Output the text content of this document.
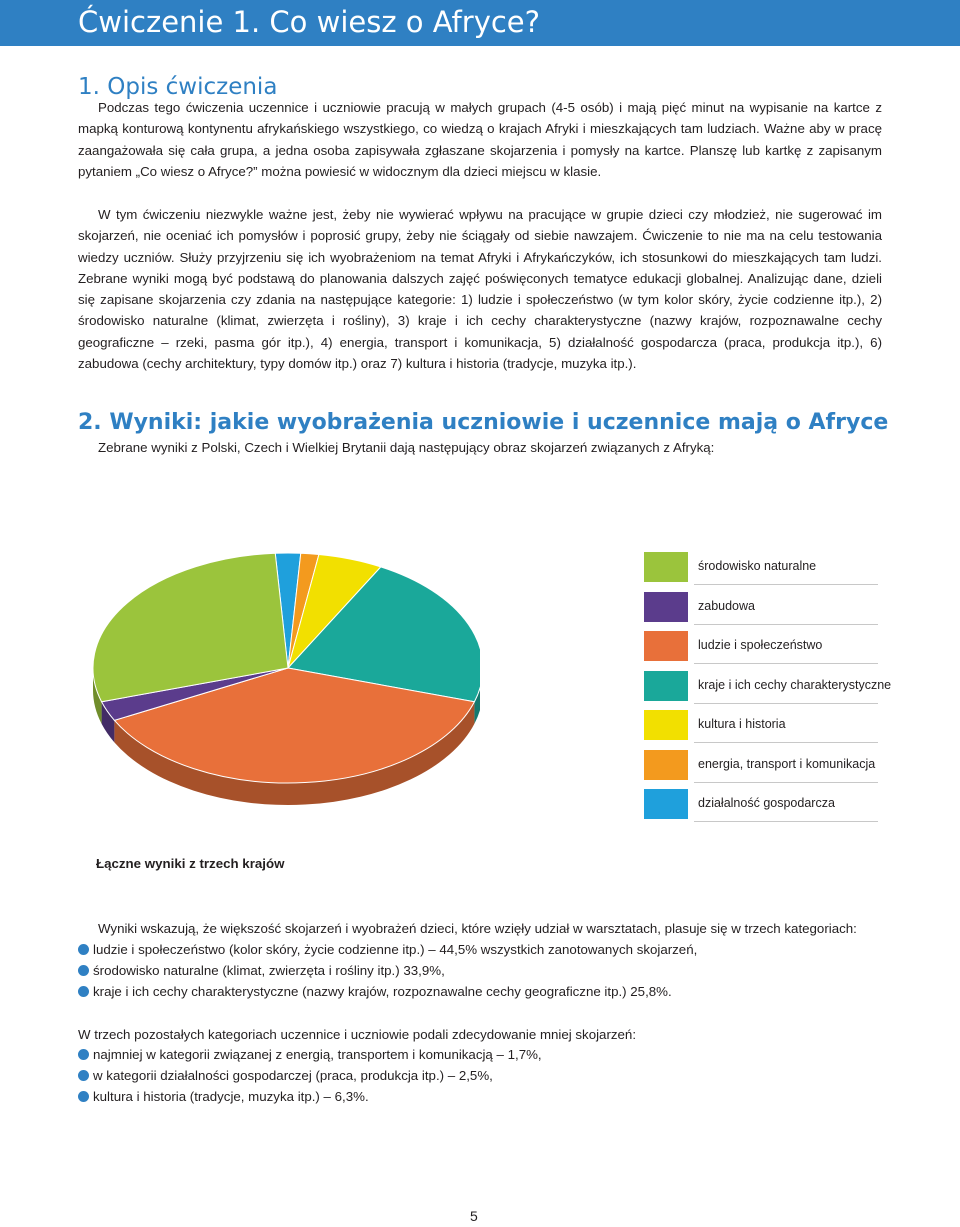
Ćwiczenie 1. Co wiesz o Afryce?
1. Opis ćwiczenia

Podczas tego ćwiczenia uczennice i uczniowie pracują w małych grupach (4-5 osób) i mają pięć minut na wypisanie na kartce z mapką konturową kontynentu afrykańskiego wszystkiego, co wiedzą o krajach Afryki i mieszkających tam ludziach. Ważne aby w pracę zaangażowała się cała grupa, a jedna osoba zapisywała zgłaszane skojarzenia i pomysły na kartce. Planszę lub kartkę z zapisanym pytaniem „Co wiesz o Afryce?” można powiesić w widocznym dla dzieci miejscu w klasie.

W tym ćwiczeniu niezwykle ważne jest, żeby nie wywierać wpływu na pracujące w grupie dzieci czy młodzież, nie sugerować im skojarzeń, nie oceniać ich pomysłów i poprosić grupy, żeby nie ściągały od siebie nawzajem. Ćwiczenie to nie ma na celu testowania wiedzy uczniów. Służy przyjrzeniu się ich wyobrażeniom na temat Afryki i Afrykańczyków, ich stosunkowi do mieszkających tam ludzi. Zebrane wyniki mogą być podstawą do planowania dalszych zajęć poświęconych tematyce edukacji globalnej. Analizując dane, dzieli się zapisane skojarzenia czy zdania na następujące kategorie: 1) ludzie i społeczeństwo (w tym kolor skóry, życie codzienne itp.), 2) środowisko naturalne (klimat, zwierzęta i rośliny), 3) kraje i ich cechy charakterystyczne (nazwy krajów, rozpoznawalne cechy geograficzne – rzeki, pasma gór itp.), 4) energia, transport i komunikacja, 5) działalność gospodarcza (praca, produkcja itp.), 6) zabudowa (cechy architektury, typy domów itp.) oraz 7) kultura i historia (tradycje, muzyka itp.).

2. Wyniki: jakie wyobrażenia uczniowie i uczennice mają o Afryce

Zebrane wyniki z Polski, Czech i Wielkiej Brytanii dają następujący obraz skojarzeń związanych z Afryką:

środowisko naturalne
zabudowa
ludzie i społeczeństwo
kraje i ich cechy charakterystyczne
kultura i historia
energia, transport i komunikacja
działalność gospodarcza

Łączne wyniki z trzech krajów

Wyniki wskazują, że większość skojarzeń i wyobrażeń dzieci, które wzięły udział w warsztatach, plasuje się w trzech kategoriach:

ludzie i społeczeństwo (kolor skóry, życie codzienne itp.) – 44,5% wszystkich zanotowanych skojarzeń,
środowisko naturalne (klimat, zwierzęta i rośliny itp.) 33,9%,
kraje i ich cechy charakterystyczne (nazwy krajów, rozpoznawalne cechy geograficzne itp.) 25,8%.

W trzech pozostałych kategoriach uczennice i uczniowie podali zdecydowanie mniej skojarzeń:

najmniej w kategorii związanej z energią, transportem i komunikacją – 1,7%,
w kategorii działalności gospodarczej (praca, produkcja itp.) – 2,5%,
kultura i historia (tradycje, muzyka itp.) – 6,3%.

5
